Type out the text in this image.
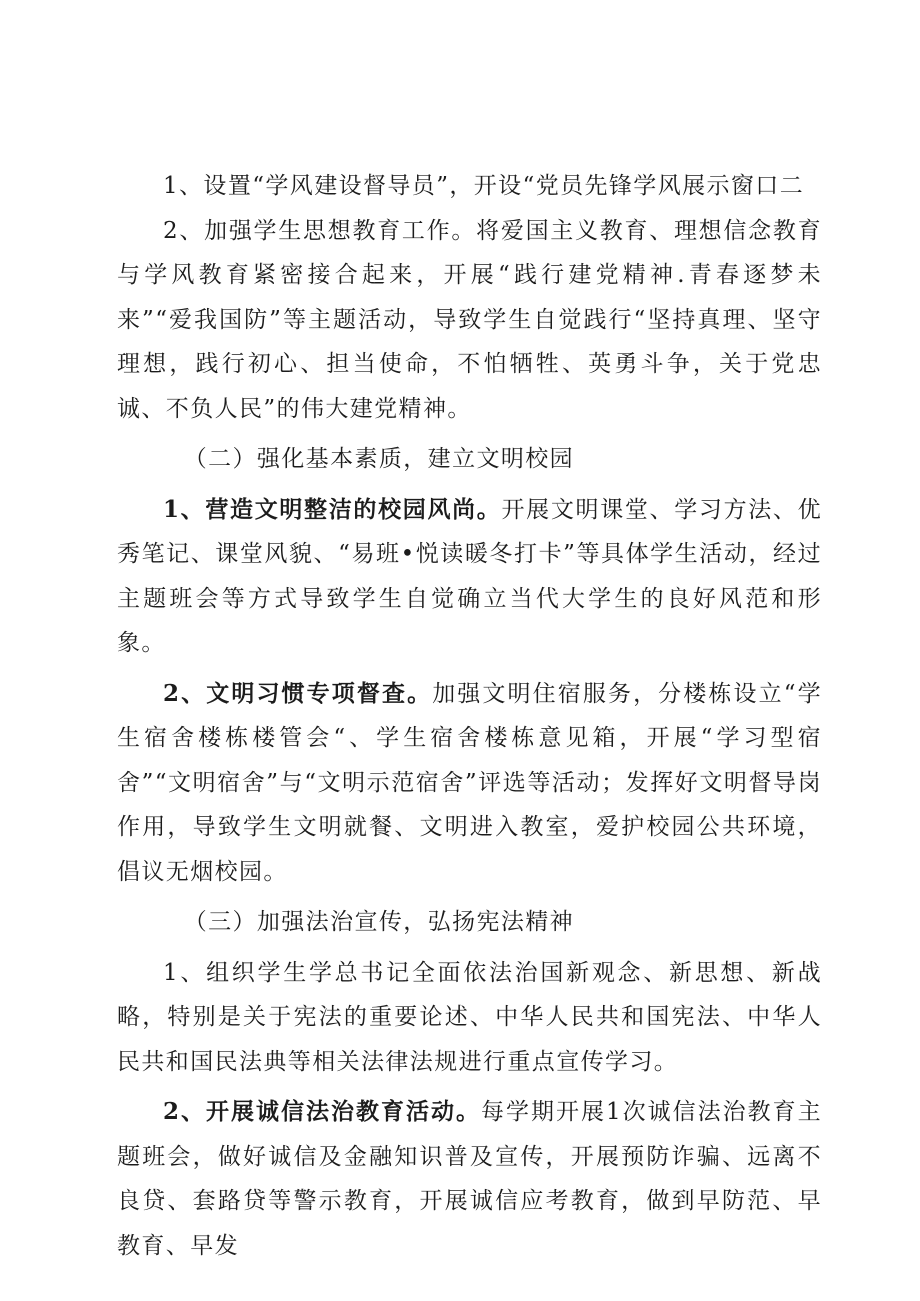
1、设置“学风建设督导员”，开设“党员先锋学风展示窗口二

2、加强学生思想教育工作。将爱国主义教育、理想信念教育与学风教育紧密接合起来，开展“践行建党精神.青春逐梦未来”“爱我国防”等主题活动，导致学生自觉践行“坚持真理、坚守理想，践行初心、担当使命，不怕牺牲、英勇斗争，关于党忠诚、不负人民”的伟大建党精神。

（二）强化基本素质，建立文明校园

1、营造文明整洁的校园风尚。开展文明课堂、学习方法、优秀笔记、课堂风貌、“易班•悦读暖冬打卡”等具体学生活动，经过主题班会等方式导致学生自觉确立当代大学生的良好风范和形象。

2、文明习惯专项督查。加强文明住宿服务，分楼栋设立“学生宿舍楼栋楼管会“、学生宿舍楼栋意见箱，开展“学习型宿舍”“文明宿舍”与“文明示范宿舍”评选等活动；发挥好文明督导岗作用，导致学生文明就餐、文明进入教室，爱护校园公共环境，倡议无烟校园。

（三）加强法治宣传，弘扬宪法精神

1、组织学生学总书记全面依法治国新观念、新思想、新战略，特别是关于宪法的重要论述、中华人民共和国宪法、中华人民共和国民法典等相关法律法规进行重点宣传学习。

2、开展诚信法治教育活动。每学期开展1次诚信法治教育主题班会，做好诚信及金融知识普及宣传，开展预防诈骗、远离不良贷、套路贷等警示教育，开展诚信应考教育，做到早防范、早教育、早发
